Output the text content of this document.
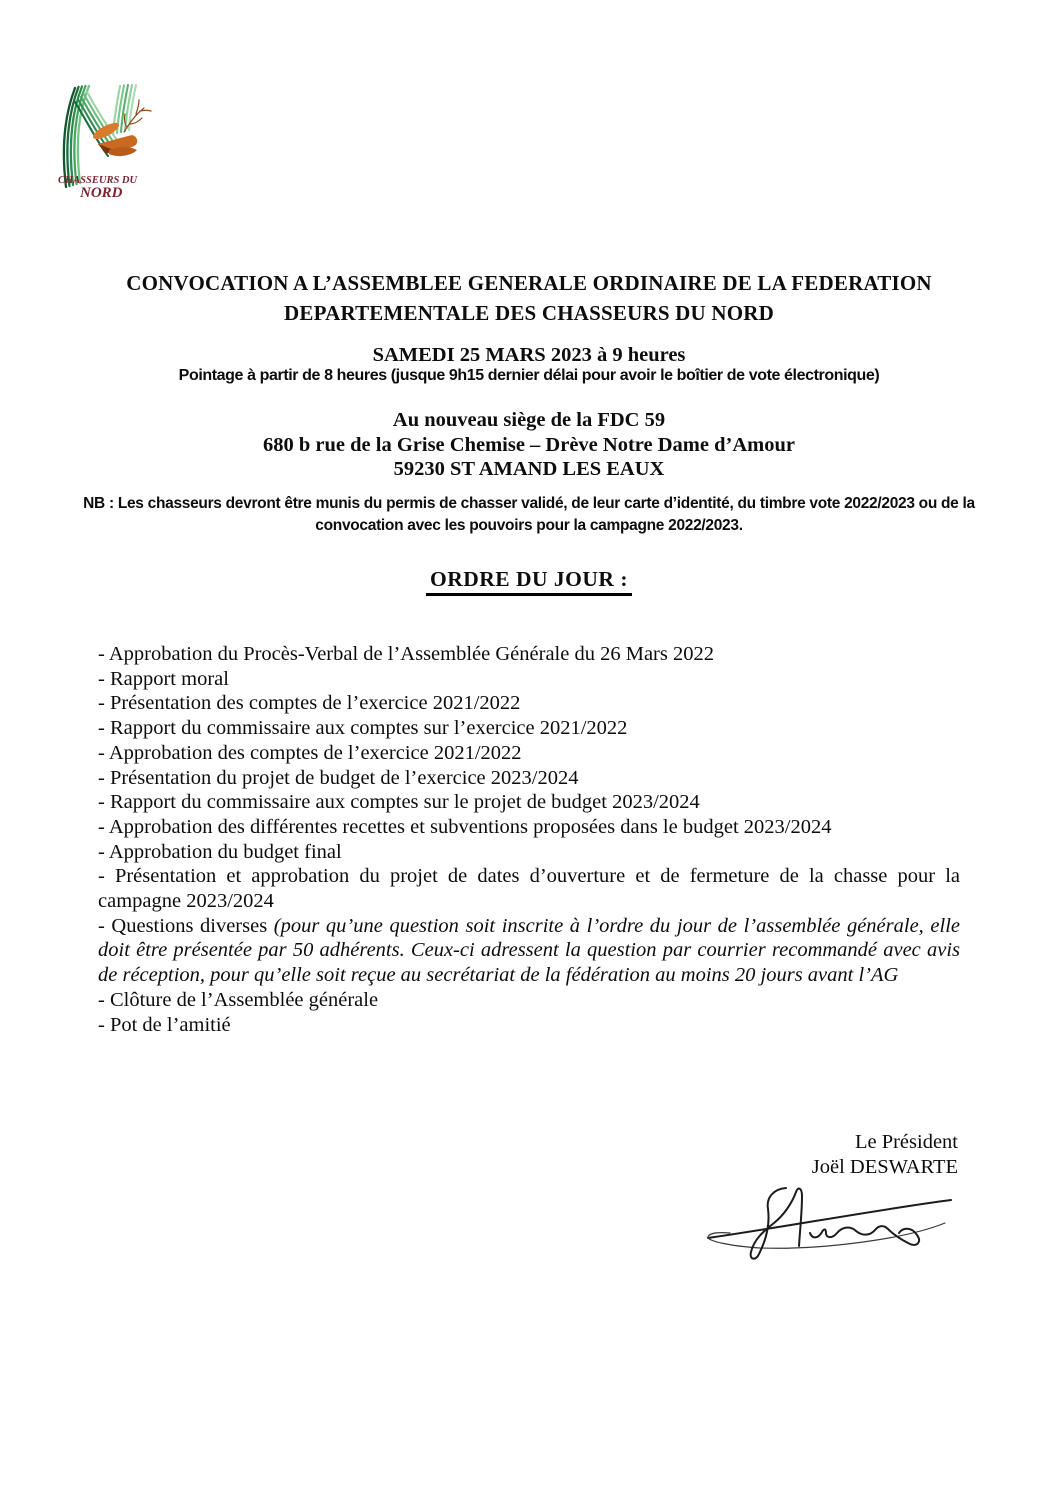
CHASSEURS DU
NORD
CONVOCATION A L’ASSEMBLEE GENERALE ORDINAIRE DE LA FEDERATION
DEPARTEMENTALE DES CHASSEURS DU NORD
SAMEDI 25 MARS 2023 à 9 heures
Pointage à partir de 8 heures (jusque 9h15 dernier délai pour avoir le boîtier de vote électronique)
Au nouveau siège de la FDC 59
680 b rue de la Grise Chemise – Drève Notre Dame d’Amour
59230 ST AMAND LES EAUX
NB : Les chasseurs devront être munis du permis de chasser validé, de leur carte d’identité, du timbre vote 2022/2023 ou de la convocation avec les pouvoirs pour la campagne 2022/2023.
ORDRE DU JOUR :

- Approbation du Procès-Verbal de l’Assemblée Générale du 26 Mars 2022

- Rapport moral

- Présentation des comptes de l’exercice 2021/2022

- Rapport du commissaire aux comptes sur l’exercice 2021/2022

- Approbation des comptes de l’exercice 2021/2022

- Présentation du projet de budget de l’exercice 2023/2024

- Rapport du commissaire aux comptes sur le projet de budget 2023/2024

- Approbation des différentes recettes et subventions proposées dans le budget 2023/2024

- Approbation du budget final

- Présentation et approbation du projet de dates d’ouverture et de fermeture de la chasse pour la campagne 2023/2024

- Questions diverses (pour qu’une question soit inscrite à l’ordre du jour de l’assemblée générale, elle doit être présentée par 50 adhérents. Ceux-ci adressent la question par courrier recommandé avec avis de réception, pour qu’elle soit reçue au secrétariat de la fédération au moins 20 jours avant l’AG

- Clôture de l’Assemblée générale

- Pot de l’amitié

Le Président
Joël DESWARTE
